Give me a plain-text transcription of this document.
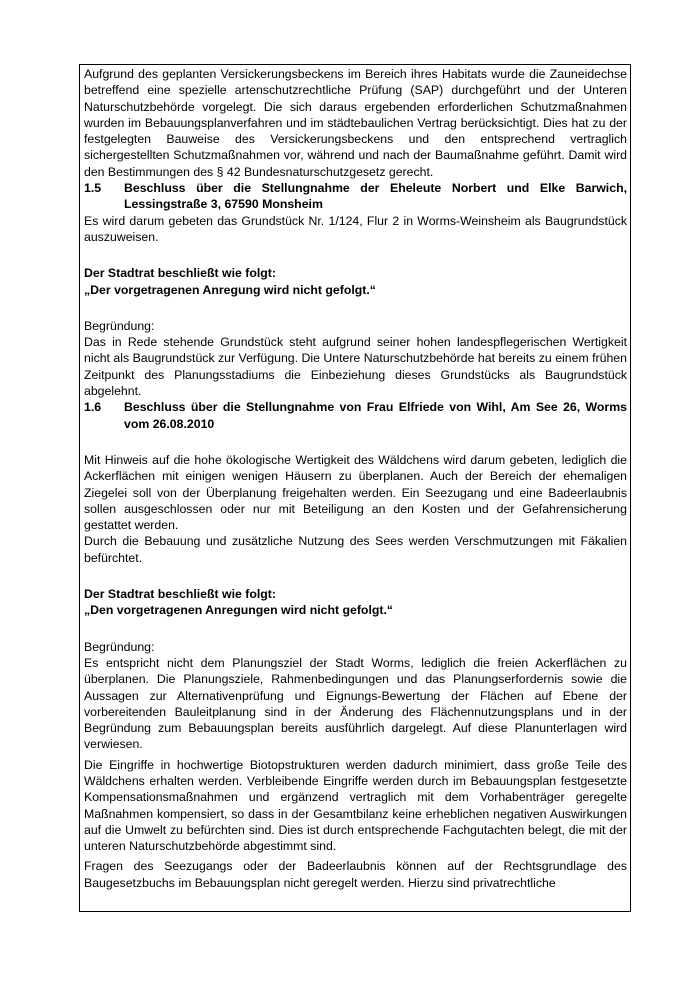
Aufgrund des geplanten Versickerungsbeckens im Bereich ihres Habitats wurde die Zauneidechse betreffend eine spezielle artenschutzrechtliche Prüfung (SAP) durchgeführt und der Unteren Naturschutzbehörde vorgelegt. Die sich daraus ergebenden erforderlichen Schutzmaßnahmen wurden im Bebauungsplanverfahren und im städtebaulichen Vertrag berücksichtigt. Dies hat zu der festgelegten Bauweise des Versickerungsbeckens und den entsprechend vertraglich sichergestellten Schutzmaßnahmen vor, während und nach der Baumaßnahme geführt. Damit wird den Bestimmungen des § 42 Bundesnaturschutzgesetz gerecht.

1.5	Beschluss über die Stellungnahme der Eheleute Norbert und Elke Barwich, Lessingstraße 3, 67590 Monsheim

Es wird darum gebeten das Grundstück Nr. 1/124, Flur 2 in Worms-Weinsheim als Baugrundstück auszuweisen.

Der Stadtrat beschließt wie folgt:

„Der vorgetragenen Anregung wird nicht gefolgt.“

Begründung:

Das in Rede stehende Grundstück steht aufgrund seiner hohen landespflegerischen Wertigkeit nicht als Baugrundstück zur Verfügung. Die Untere Naturschutzbehörde hat bereits zu einem frühen Zeitpunkt des Planungsstadiums die Einbeziehung dieses Grundstücks als Baugrundstück abgelehnt.

1.6	Beschluss über die Stellungnahme von Frau Elfriede von Wihl, Am See 26, Worms vom 26.08.2010

Mit Hinweis auf die hohe ökologische Wertigkeit des Wäldchens wird darum gebeten, lediglich die Ackerflächen mit einigen wenigen Häusern zu überplanen. Auch der Bereich der ehemaligen Ziegelei soll von der Überplanung freigehalten werden. Ein Seezugang und eine Badeerlaubnis sollen ausgeschlossen oder nur mit Beteiligung an den Kosten und der Gefahrensicherung gestattet werden.

Durch die Bebauung und zusätzliche Nutzung des Sees werden Verschmutzungen mit Fäkalien befürchtet.

Der Stadtrat beschließt wie folgt:

„Den vorgetragenen Anregungen wird nicht gefolgt.“

Begründung:

Es entspricht nicht dem Planungsziel der Stadt Worms, lediglich die freien Ackerflächen zu überplanen. Die Planungsziele, Rahmenbedingungen und das Planungserfordernis sowie die Aussagen zur Alternativenprüfung und Eignungs-Bewertung der Flächen auf Ebene der vorbereitenden Bauleitplanung sind in der Änderung des Flächennutzungsplans und in der Begründung zum Bebauungsplan bereits ausführlich dargelegt. Auf diese Planunterlagen wird verwiesen.

Die Eingriffe in hochwertige Biotopstrukturen werden dadurch minimiert, dass große Teile des Wäldchens erhalten werden. Verbleibende Eingriffe werden durch im Bebauungsplan festgesetzte Kompensationsmaßnahmen und ergänzend vertraglich mit dem Vorhabenträger geregelte Maßnahmen kompensiert, so dass in der Gesamtbilanz keine erheblichen negativen Auswirkungen auf die Umwelt zu befürchten sind. Dies ist durch entsprechende Fachgutachten belegt, die mit der unteren Naturschutzbehörde abgestimmt sind.

Fragen des Seezugangs oder der Badeerlaubnis können auf der Rechtsgrundlage des Baugesetzbuchs im Bebauungsplan nicht geregelt werden. Hierzu sind privatrechtliche
